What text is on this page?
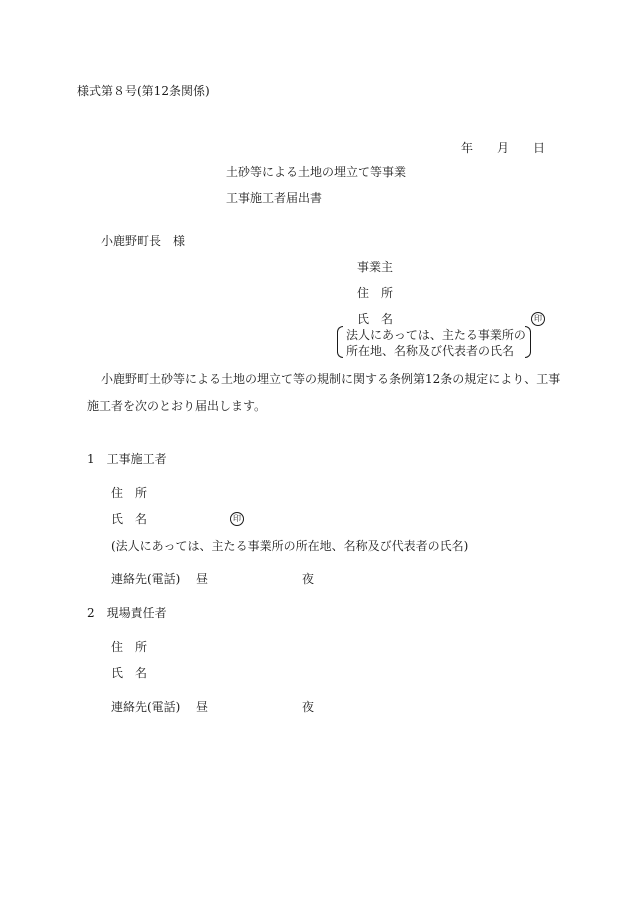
様式第８号(第12条関係)
年 月 日
土砂等による土地の埋立て等事業
工事施工者届出書
小鹿野町長　様
事業主
住　所
氏　名	印
法人にあっては、主たる事業所の
所在地、名称及び代表者の氏名
小鹿野町土砂等による土地の埋立て等の規制に関する条例第12条の規定により、工事
施工者を次のとおり届出します。
1　工事施工者
住　所
氏　名	印
(法人にあっては、主たる事業所の所在地、名称及び代表者の氏名)
連絡先(電話) 昼	夜
2　現場責任者
住　所
氏　名
連絡先(電話) 昼	夜
